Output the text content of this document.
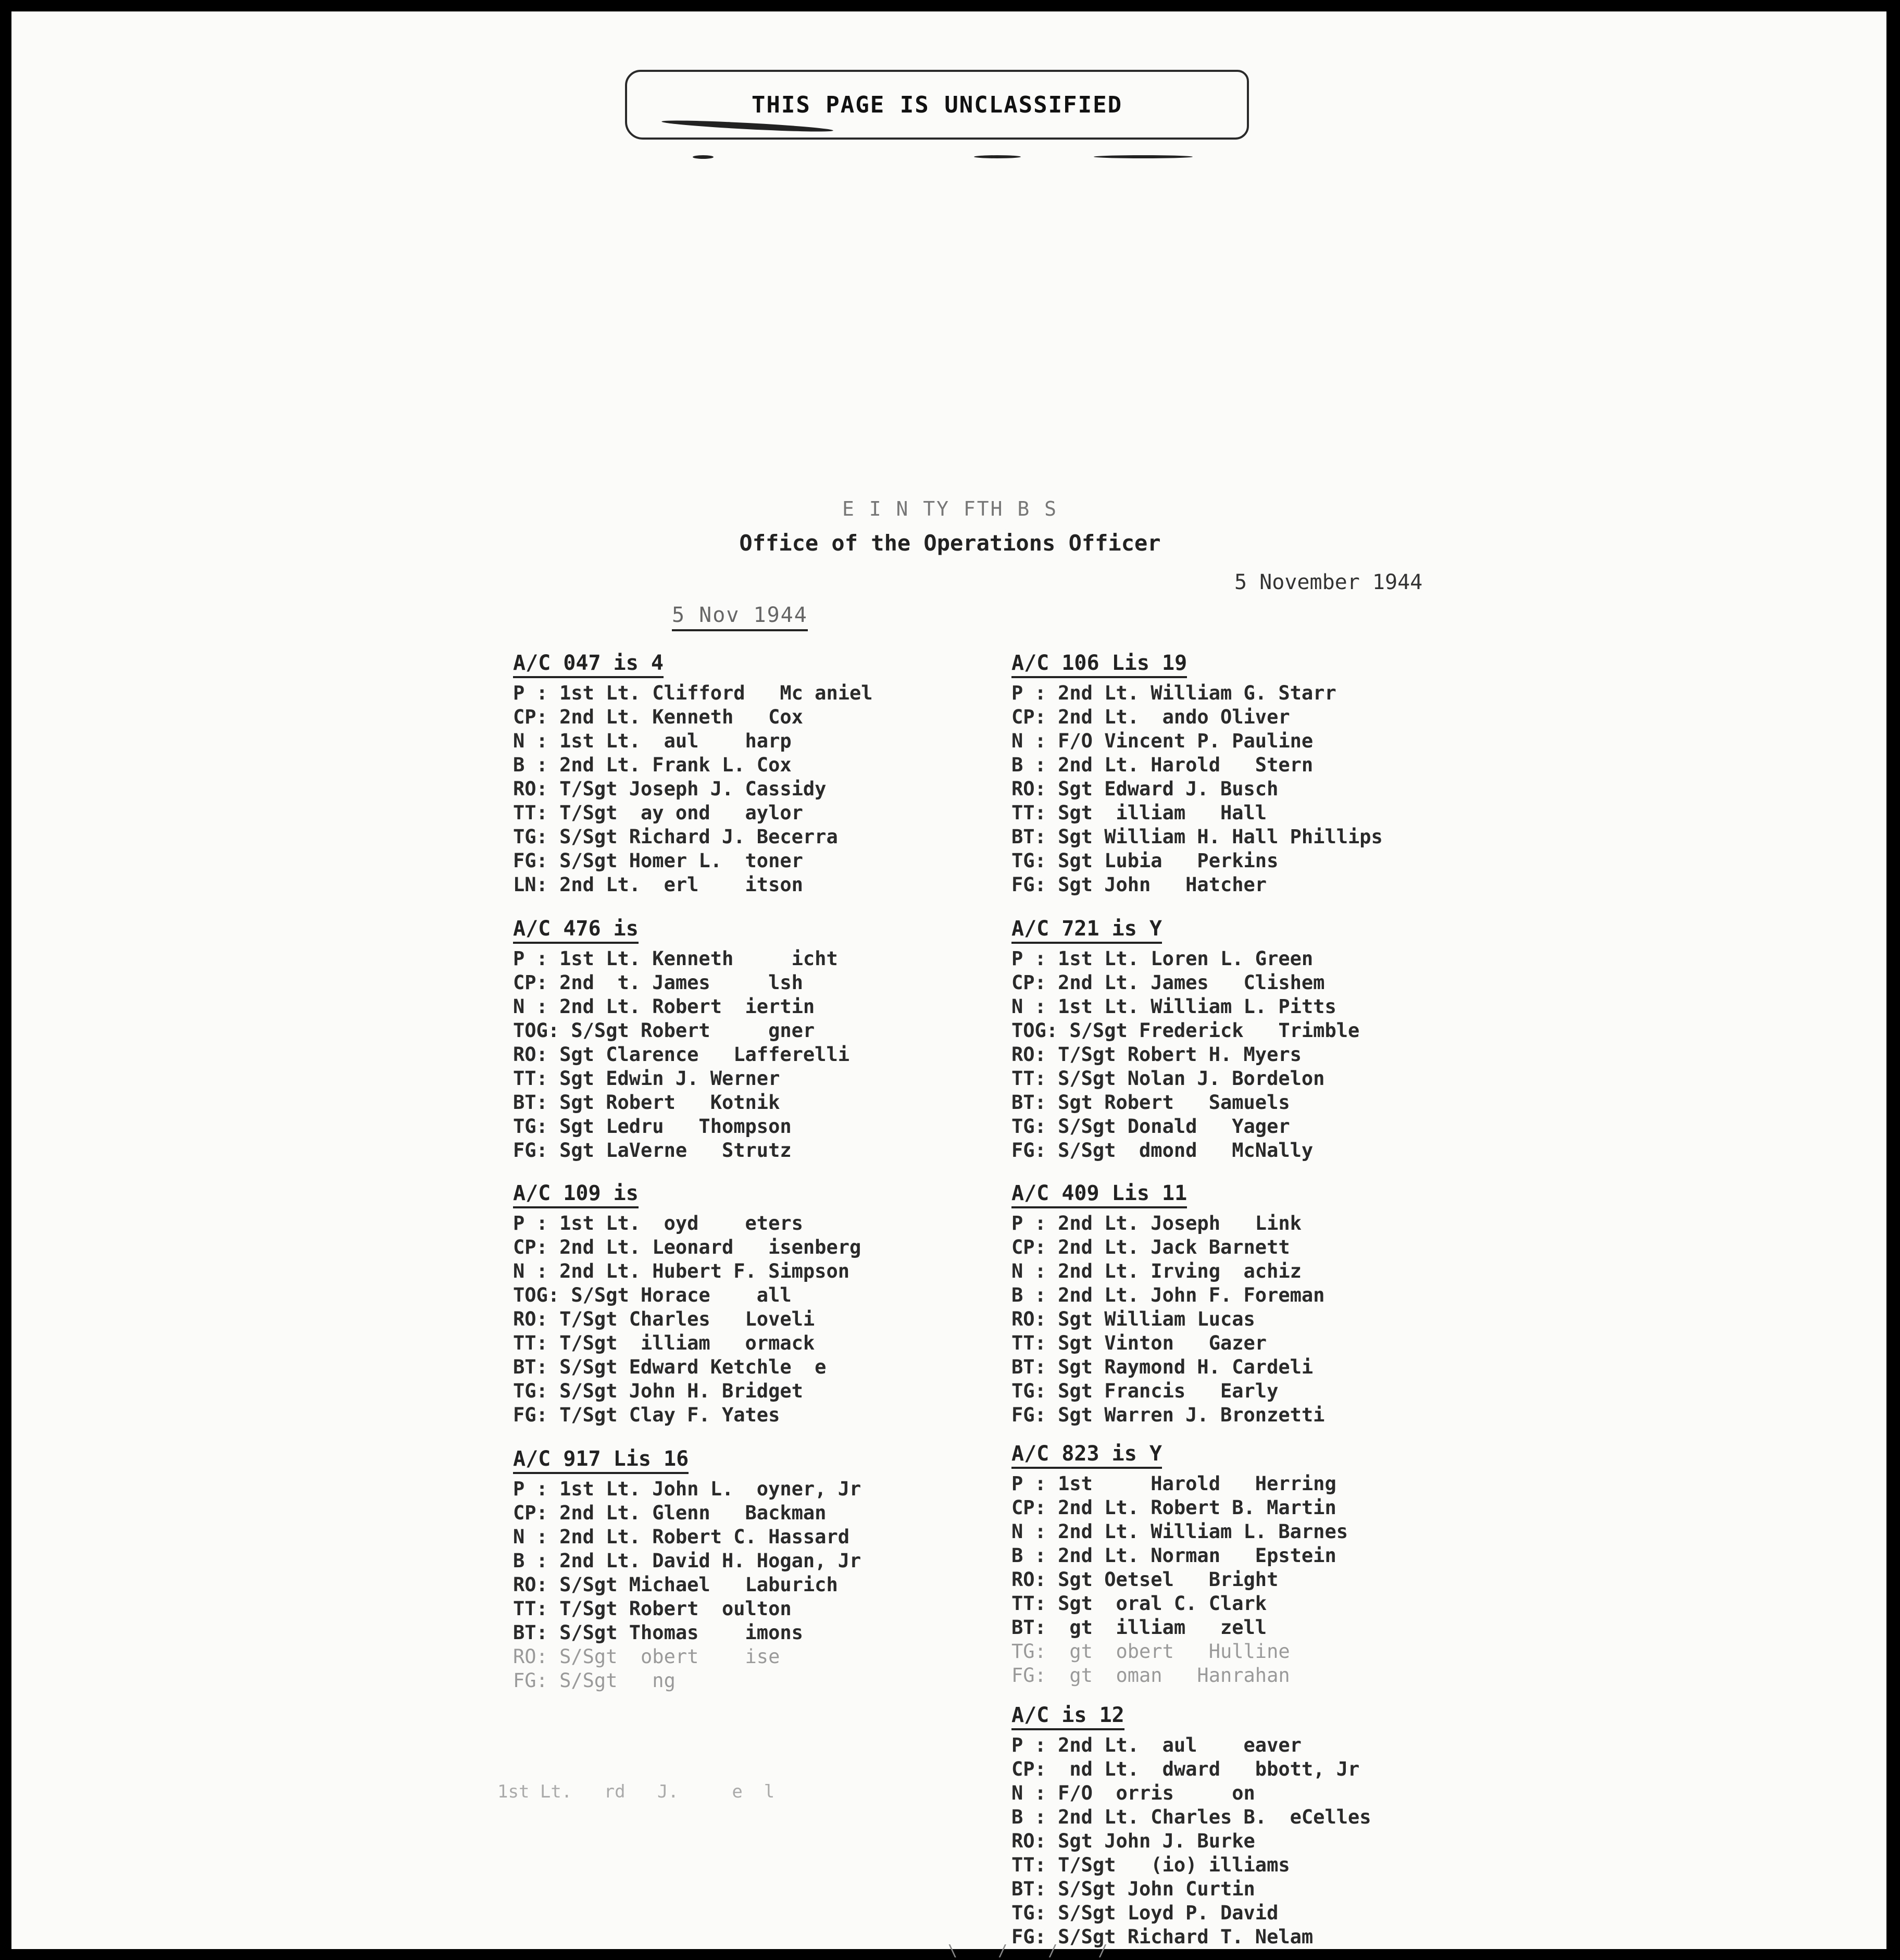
THIS PAGE IS UNCLASSIFIED
E I N TY FTH B S
Office of the Operations Officer
5 November 1944
5 Nov 1944
A/C 047 is 4
P : 1st Lt. Clifford   Mc aniel
CP: 2nd Lt. Kenneth   Cox
N : 1st Lt.  aul    harp
B : 2nd Lt. Frank L. Cox
RO: T/Sgt Joseph J. Cassidy
TT: T/Sgt  ay ond   aylor
TG: S/Sgt Richard J. Becerra
FG: S/Sgt Homer L.  toner
LN: 2nd Lt.  erl    itson
A/C 476 is
P : 1st Lt. Kenneth     icht
CP: 2nd  t. James     lsh
N : 2nd Lt. Robert  iertin
TOG: S/Sgt Robert     gner
RO: Sgt Clarence   Lafferelli
TT: Sgt Edwin J. Werner
BT: Sgt Robert   Kotnik
TG: Sgt Ledru   Thompson
FG: Sgt LaVerne   Strutz
A/C 109 is
P : 1st Lt.  oyd    eters
CP: 2nd Lt. Leonard   isenberg
N : 2nd Lt. Hubert F. Simpson
TOG: S/Sgt Horace    all
RO: T/Sgt Charles   Loveli
TT: T/Sgt  illiam   ormack
BT: S/Sgt Edward Ketchle  e
TG: S/Sgt John H. Bridget
FG: T/Sgt Clay F. Yates
A/C 917 Lis 16
P : 1st Lt. John L.  oyner, Jr
CP: 2nd Lt. Glenn   Backman
N : 2nd Lt. Robert C. Hassard
B : 2nd Lt. David H. Hogan, Jr
RO: S/Sgt Michael   Laburich
TT: T/Sgt Robert  oulton
BT: S/Sgt Thomas    imons
RO: S/Sgt  obert    ise
FG: S/Sgt   ng
A/C 106 Lis 19
P : 2nd Lt. William G. Starr
CP: 2nd Lt.  ando Oliver
N : F/O Vincent P. Pauline
B : 2nd Lt. Harold   Stern
RO: Sgt Edward J. Busch
TT: Sgt  illiam   Hall
BT: Sgt William H. Hall Phillips
TG: Sgt Lubia   Perkins
FG: Sgt John   Hatcher
A/C 721 is Y
P : 1st Lt. Loren L. Green
CP: 2nd Lt. James   Clishem
N : 1st Lt. William L. Pitts
TOG: S/Sgt Frederick   Trimble
RO: T/Sgt Robert H. Myers
TT: S/Sgt Nolan J. Bordelon
BT: Sgt Robert   Samuels
TG: S/Sgt Donald   Yager
FG: S/Sgt  dmond   McNally
A/C 409 Lis 11
P : 2nd Lt. Joseph   Link
CP: 2nd Lt. Jack Barnett
N : 2nd Lt. Irving  achiz
B : 2nd Lt. John F. Foreman
RO: Sgt William Lucas
TT: Sgt Vinton   Gazer
BT: Sgt Raymond H. Cardeli
TG: Sgt Francis   Early
FG: Sgt Warren J. Bronzetti
A/C 823 is Y
P : 1st     Harold   Herring
CP: 2nd Lt. Robert B. Martin
N : 2nd Lt. William L. Barnes
B : 2nd Lt. Norman   Epstein
RO: Sgt Oetsel   Bright
TT: Sgt  oral C. Clark
BT:  gt  illiam   zell
TG:  gt  obert   Hulline
FG:  gt  oman   Hanrahan
A/C is 12
P : 2nd Lt.  aul    eaver
CP:  nd Lt.  dward   bbott, Jr
N : F/O  orris     on
B : 2nd Lt. Charles B.  eCelles
RO: Sgt John J. Burke
TT: T/Sgt   (io) illiams
BT: S/Sgt John Curtin
TG: S/Sgt Loyd P. David
FG: S/Sgt Richard T. Nelam
1st Lt.   rd   J.     e  l

\ / / /
